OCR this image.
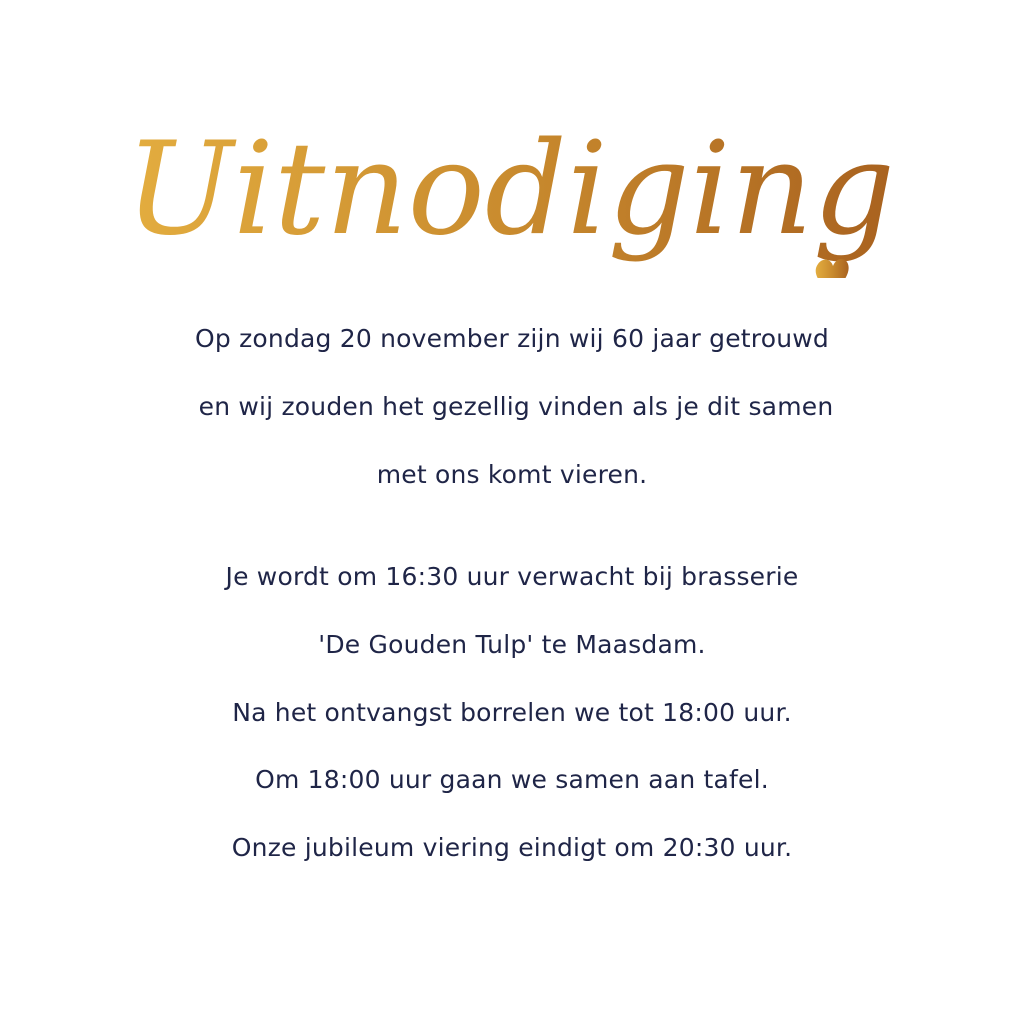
Uitnodiging
Op zondag 20 november zijn wij 60 jaar getrouwd
en wij zouden het gezellig vinden als je dit samen
met ons komt vieren.
Je wordt om 16:30 uur verwacht bij brasserie
'De Gouden Tulp' te Maasdam.
Na het ontvangst borrelen we tot 18:00 uur.
Om 18:00 uur gaan we samen aan tafel.
Onze jubileum viering eindigt om 20:30 uur.
